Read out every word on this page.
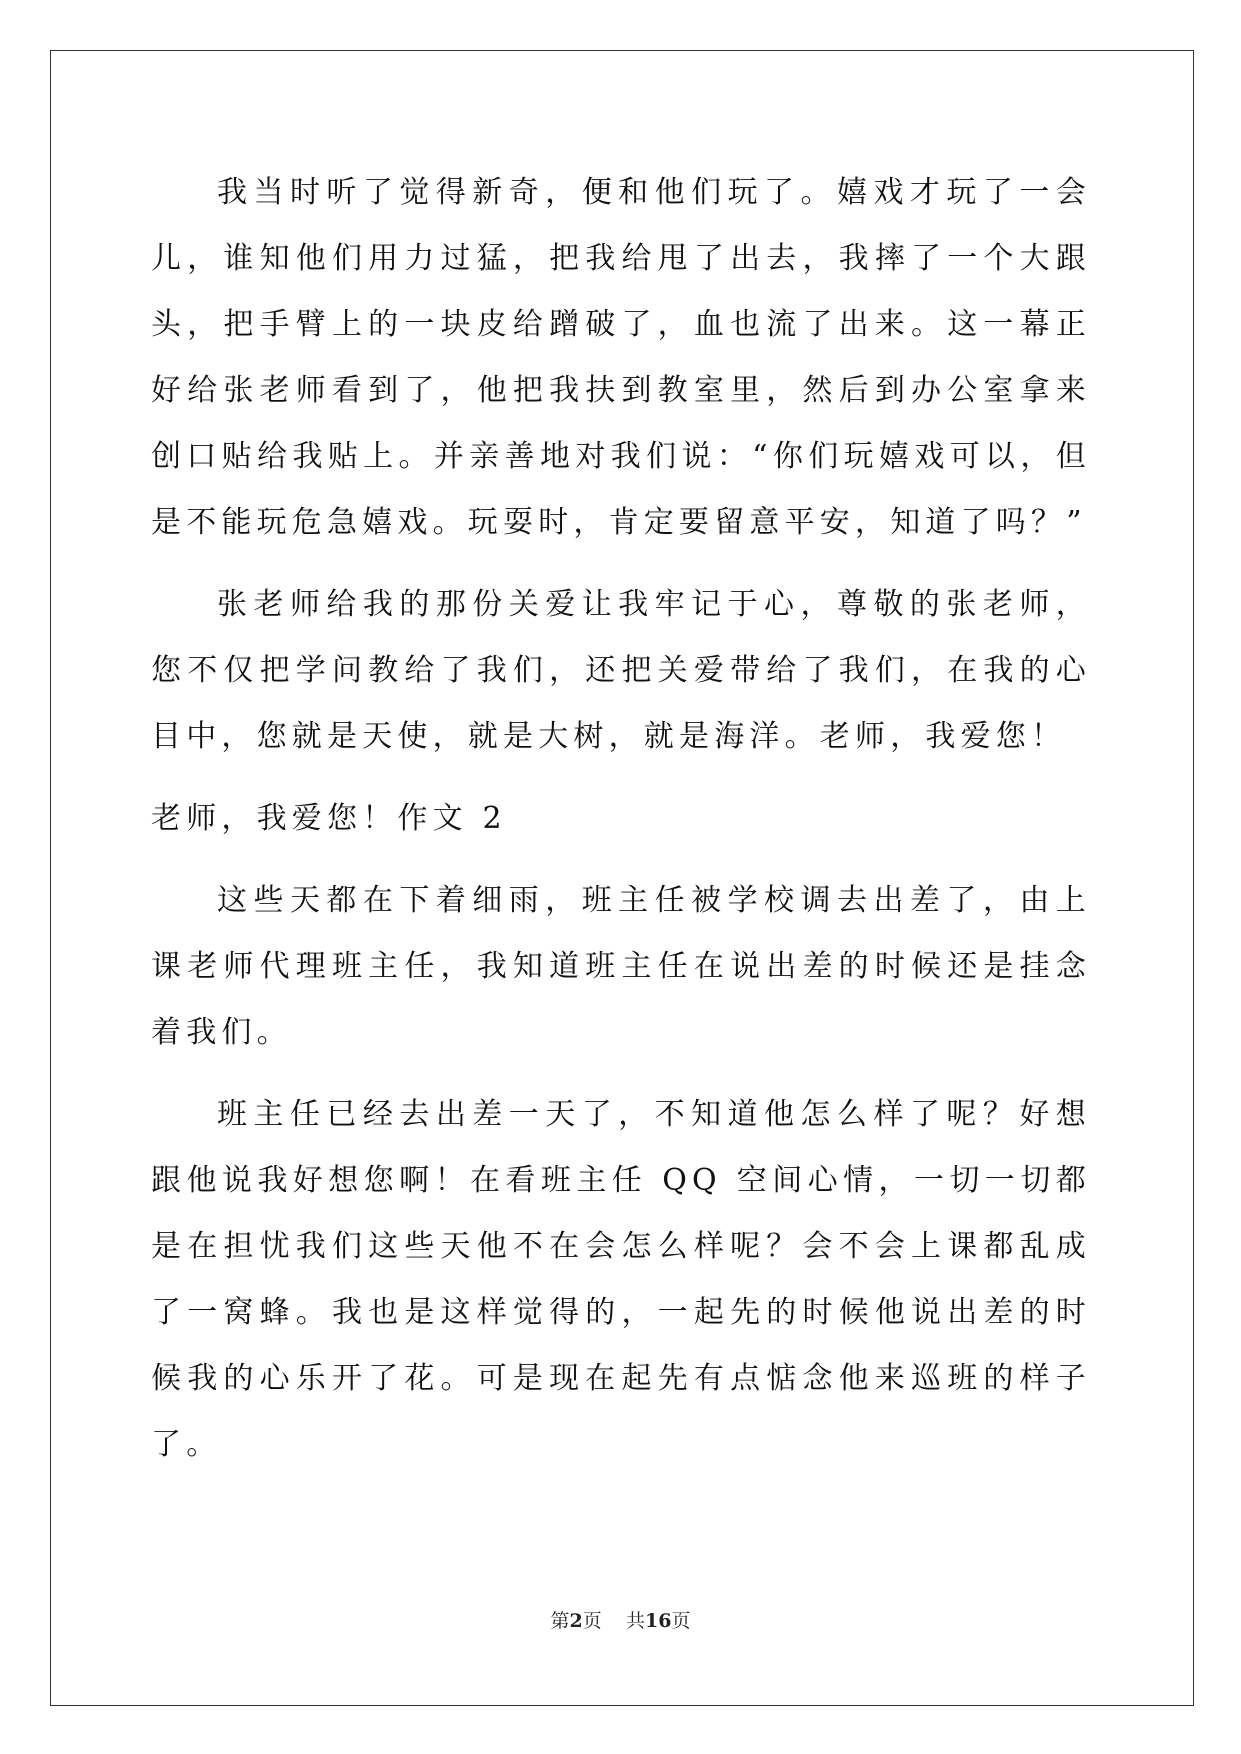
我当时听了觉得新奇，便和他们玩了。嬉戏才玩了一会儿，谁知他们用力过猛，把我给甩了出去，我摔了一个大跟头，把手臂上的一块皮给蹭破了，血也流了出来。这一幕正好给张老师看到了，他把我扶到教室里，然后到办公室拿来创口贴给我贴上。并亲善地对我们说：“你们玩嬉戏可以，但是不能玩危急嬉戏。玩耍时，肯定要留意平安，知道了吗？”

张老师给我的那份关爱让我牢记于心，尊敬的张老师，您不仅把学问教给了我们，还把关爱带给了我们，在我的心目中，您就是天使，就是大树，就是海洋。老师，我爱您！

老师，我爱您！作文 2

这些天都在下着细雨，班主任被学校调去出差了，由上课老师代理班主任，我知道班主任在说出差的时候还是挂念着我们。

班主任已经去出差一天了，不知道他怎么样了呢？好想跟他说我好想您啊！在看班主任 QQ 空间心情，一切一切都是在担忧我们这些天他不在会怎么样呢？会不会上课都乱成了一窝蜂。我也是这样觉得的，一起先的时候他说出差的时候我的心乐开了花。可是现在起先有点惦念他来巡班的样子了。

第2页 共16页
